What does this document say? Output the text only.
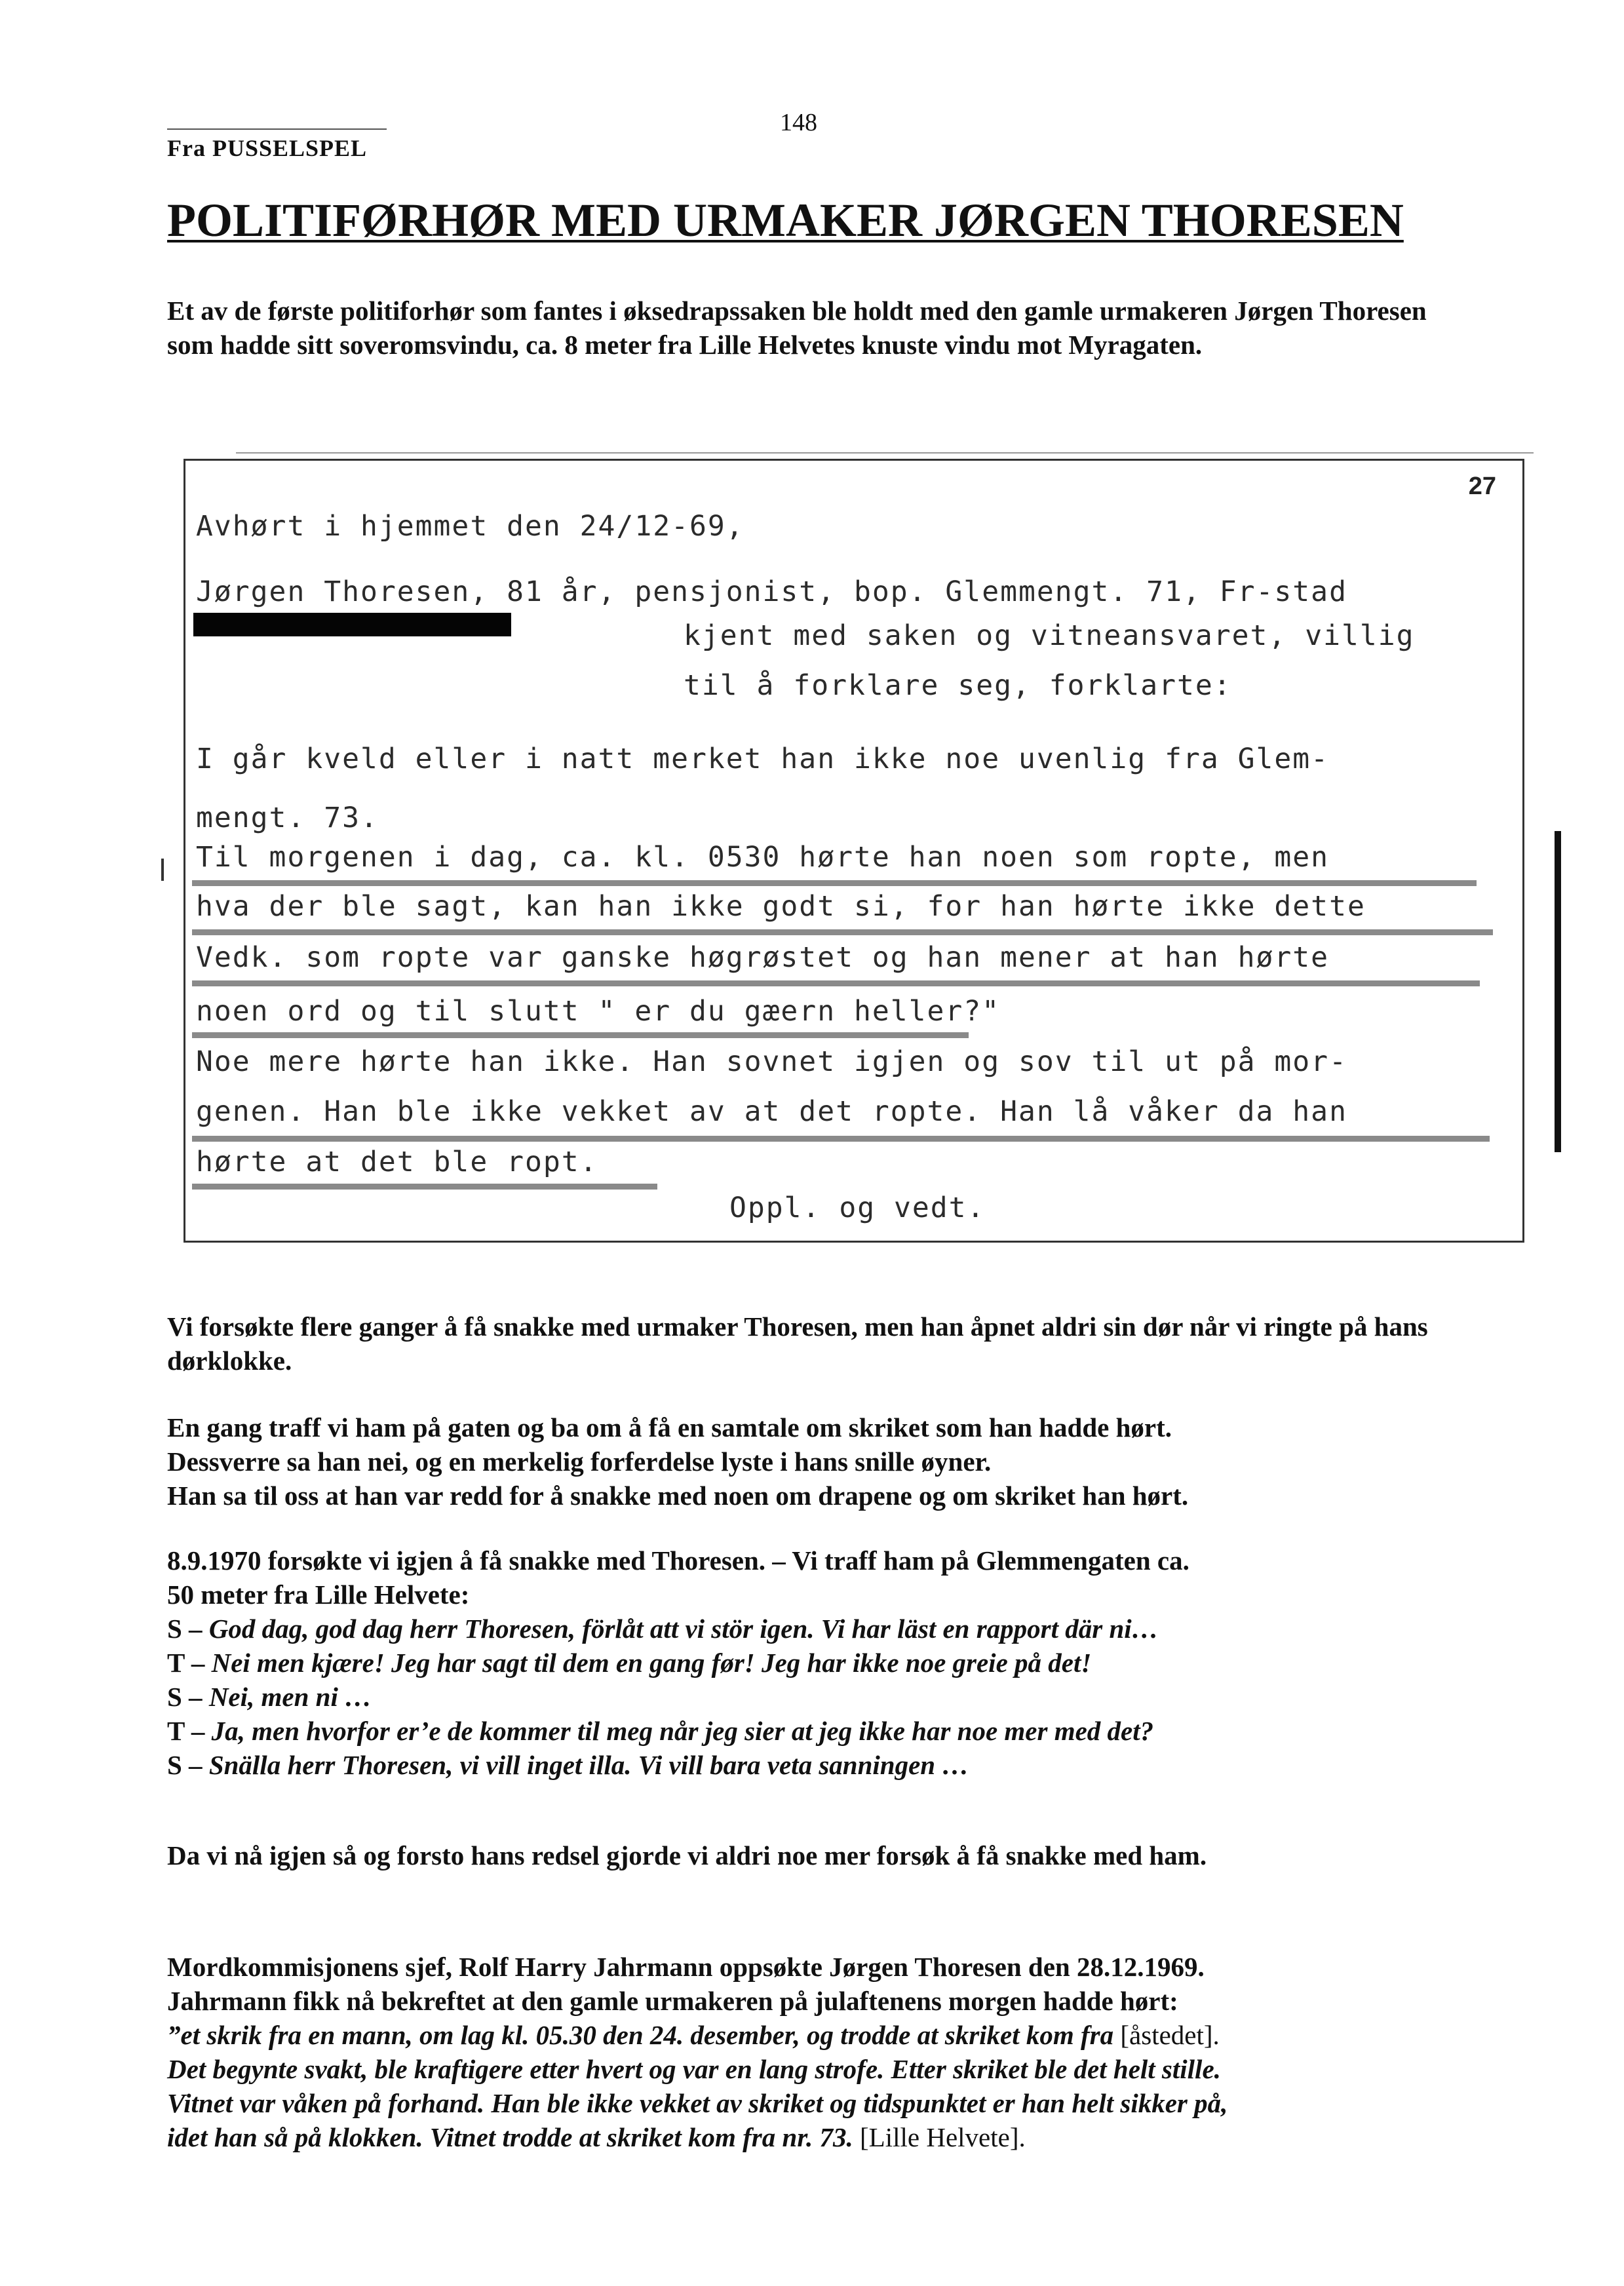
148
Fra PUSSELSPEL
POLITIFØRHØR MED URMAKER JØRGEN THORESEN
Et av de første politiforhør som fantes i øksedrapssaken ble holdt med den gamle urmakeren Jørgen Thoresen som hadde sitt soveromsvindu, ca. 8 meter fra Lille Helvetes knuste vindu mot Myragaten.
27
Avhørt i hjemmet den 24/12-69,
Jørgen Thoresen, 81 år, pensjonist, bop. Glemmengt. 71, Fr-stad
kjent med saken og vitneansvaret, villig
til å forklare seg, forklarte:
I går kveld eller i natt merket han ikke noe uvenlig fra Glem-
mengt. 73.
Til morgenen i dag, ca. kl. 0530 hørte han noen som ropte, men
hva der ble sagt, kan han ikke godt si, for han hørte ikke dette
Vedk. som ropte var ganske høgrøstet og han mener at han hørte
noen ord og til slutt " er du gæern heller?"
Noe mere hørte han ikke. Han sovnet igjen og sov til ut på mor-
genen. Han ble ikke vekket av at det ropte. Han lå våker da han
hørte at det ble ropt.
Oppl. og vedt.
Vi forsøkte flere ganger å få snakke med urmaker Thoresen, men han åpnet aldri sin dør når vi ringte på hans dørklokke.
En gang traff vi ham på gaten og ba om å få en samtale om skriket som han hadde hørt.
Dessverre sa han nei, og en merkelig forferdelse lyste i hans snille øyner.
Han sa til oss at han var redd for å snakke med noen om drapene og om skriket han hørt.
8.9.1970 forsøkte vi igjen å få snakke med Thoresen. – Vi traff ham på Glemmengaten ca.
50 meter fra Lille Helvete:
S – God dag, god dag herr Thoresen, förlåt att vi stör igen. Vi har läst en rapport där ni…
T – Nei men kjære! Jeg har sagt til dem en gang før! Jeg har ikke noe greie på det!
S – Nei, men ni …
T – Ja, men hvorfor er’e de kommer til meg når jeg sier at jeg ikke har noe mer med det?
S – Snälla herr Thoresen, vi vill inget illa. Vi vill bara veta sanningen …
Da vi nå igjen så og forsto hans redsel gjorde vi aldri noe mer forsøk å få snakke med ham.
Mordkommisjonens sjef, Rolf Harry Jahrmann oppsøkte Jørgen Thoresen den 28.12.1969.
Jahrmann fikk nå bekreftet at den gamle urmakeren på julaftenens morgen hadde hørt:
”et skrik fra en mann, om lag kl. 05.30 den 24. desember, og trodde at skriket kom fra [åstedet].
Det begynte svakt, ble kraftigere etter hvert og var en lang strofe. Etter skriket ble det helt stille.
Vitnet var våken på forhand. Han ble ikke vekket av skriket og tidspunktet er han helt sikker på,
idet han så på klokken. Vitnet trodde at skriket kom fra nr. 73. [Lille Helvete].
